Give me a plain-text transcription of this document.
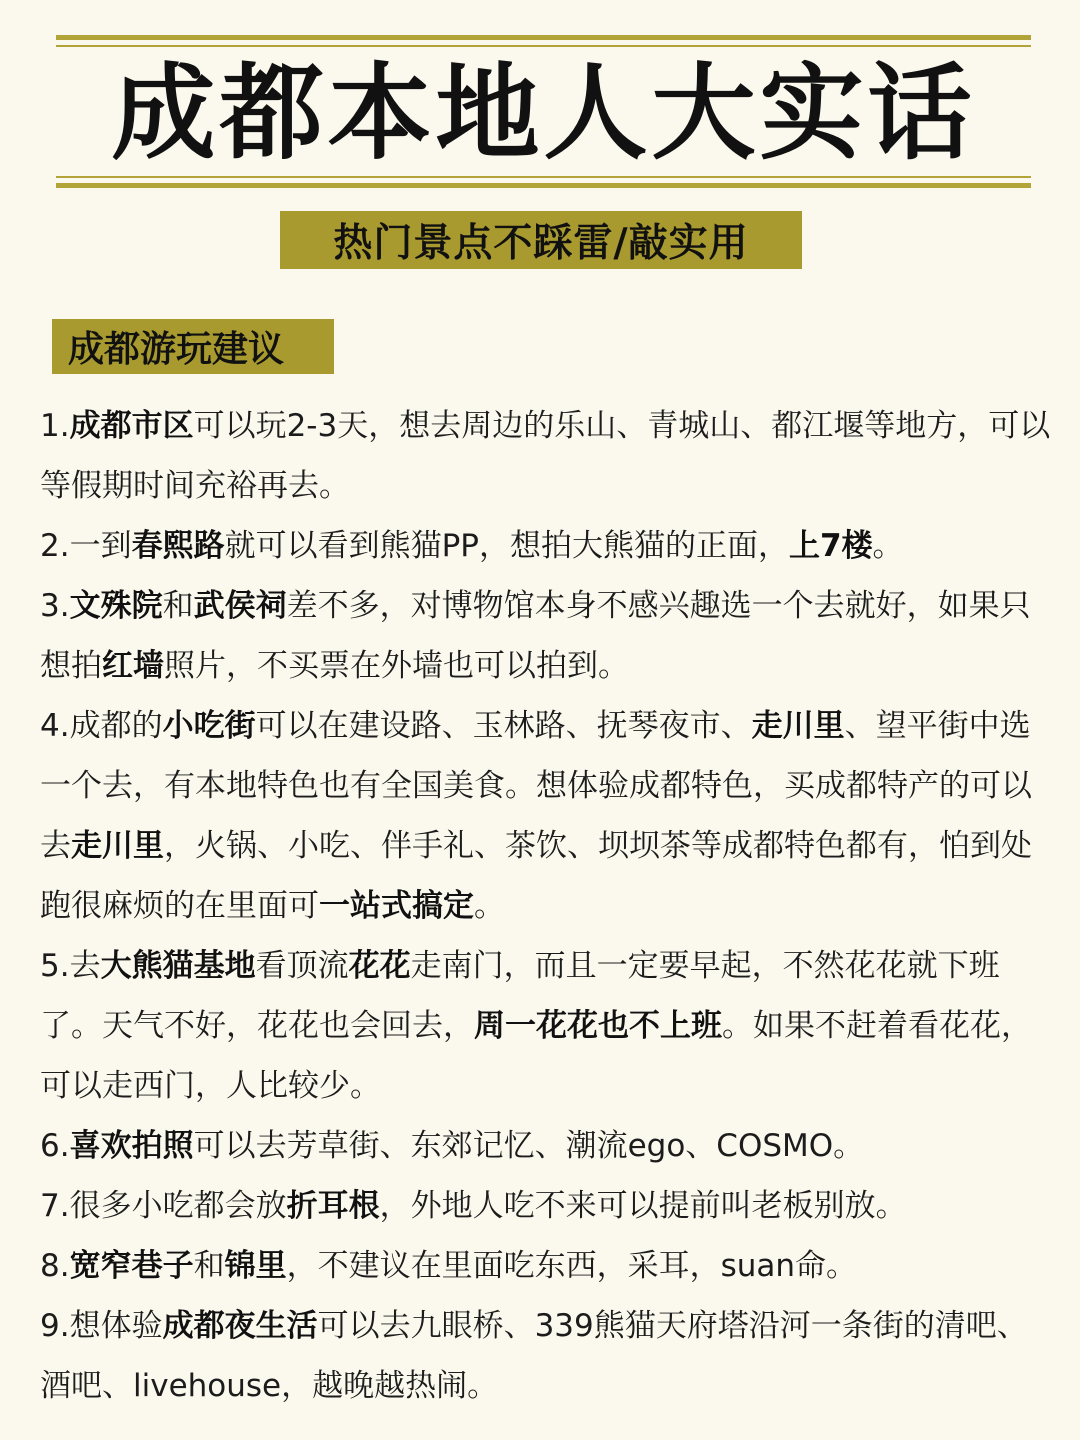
成都本地人大实话
热门景点不踩雷/敲实用
成都游玩建议

1.成都市区可以玩2-3天，想去周边的乐山、青城山、都江堰等地方，可以等假期时间充裕再去。

2.一到春熙路就可以看到熊猫PP，想拍大熊猫的正面，上7楼。

3.文殊院和武侯祠差不多，对博物馆本身不感兴趣选一个去就好，如果只想拍红墙照片，不买票在外墙也可以拍到。

4.成都的小吃街可以在建设路、玉林路、抚琴夜市、走川里、望平街中选一个去，有本地特色也有全国美食。想体验成都特色，买成都特产的可以去走川里，火锅、小吃、伴手礼、茶饮、坝坝茶等成都特色都有，怕到处跑很麻烦的在里面可一站式搞定。

5.去大熊猫基地看顶流花花走南门，而且一定要早起，不然花花就下班了。天气不好，花花也会回去，周一花花也不上班。如果不赶着看花花，可以走西门，人比较少。

6.喜欢拍照可以去芳草街、东郊记忆、潮流ego、COSMO。

7.很多小吃都会放折耳根，外地人吃不来可以提前叫老板别放。

8.宽窄巷子和锦里，不建议在里面吃东西，采耳，suan命。

9.想体验成都夜生活可以去九眼桥、339熊猫天府塔沿河一条街的清吧、酒吧、livehouse，越晚越热闹。
